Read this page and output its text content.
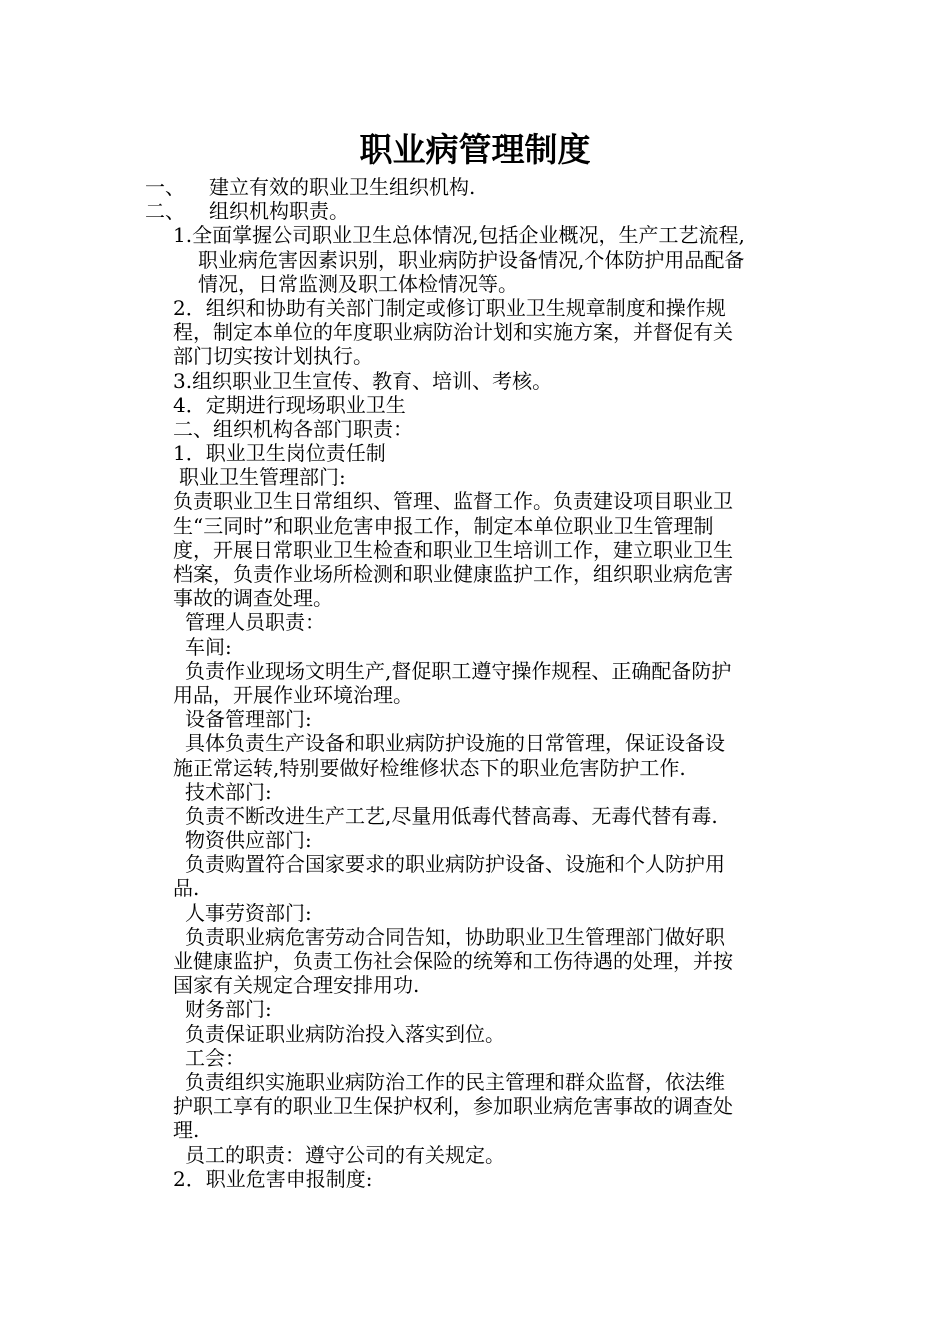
职业病管理制度
一、	建立有效的职业卫生组织机构.
二、	组织机构职责。
1.全面掌握公司职业卫生总体情况,包括企业概况，生产工艺流程,
职业病危害因素识别，职业病防护设备情况,个体防护用品配备
情况，日常监测及职工体检情况等。
2．组织和协助有关部门制定或修订职业卫生规章制度和操作规
程，制定本单位的年度职业病防治计划和实施方案，并督促有关
部门切实按计划执行。
3.组织职业卫生宣传、教育、培训、考核。
4．定期进行现场职业卫生
二、组织机构各部门职责：
1．职业卫生岗位责任制
职业卫生管理部门:
负责职业卫生日常组织、管理、监督工作。负责建设项目职业卫
生“三同时”和职业危害申报工作，制定本单位职业卫生管理制
度，开展日常职业卫生检查和职业卫生培训工作，建立职业卫生
档案，负责作业场所检测和职业健康监护工作，组织职业病危害
事故的调查处理。
管理人员职责：
车间:
负责作业现场文明生产,督促职工遵守操作规程、正确配备防护
用品，开展作业环境治理。
设备管理部门:
具体负责生产设备和职业病防护设施的日常管理，保证设备设
施正常运转,特别要做好检维修状态下的职业危害防护工作.
技术部门:
负责不断改进生产工艺,尽量用低毒代替高毒、无毒代替有毒.
物资供应部门:
负责购置符合国家要求的职业病防护设备、设施和个人防护用
品.
人事劳资部门:
负责职业病危害劳动合同告知，协助职业卫生管理部门做好职
业健康监护，负责工伤社会保险的统筹和工伤待遇的处理，并按
国家有关规定合理安排用功.
财务部门:
负责保证职业病防治投入落实到位。
工会：
负责组织实施职业病防治工作的民主管理和群众监督，依法维
护职工享有的职业卫生保护权利，参加职业病危害事故的调查处
理.
员工的职责：遵守公司的有关规定。
2．职业危害申报制度:
